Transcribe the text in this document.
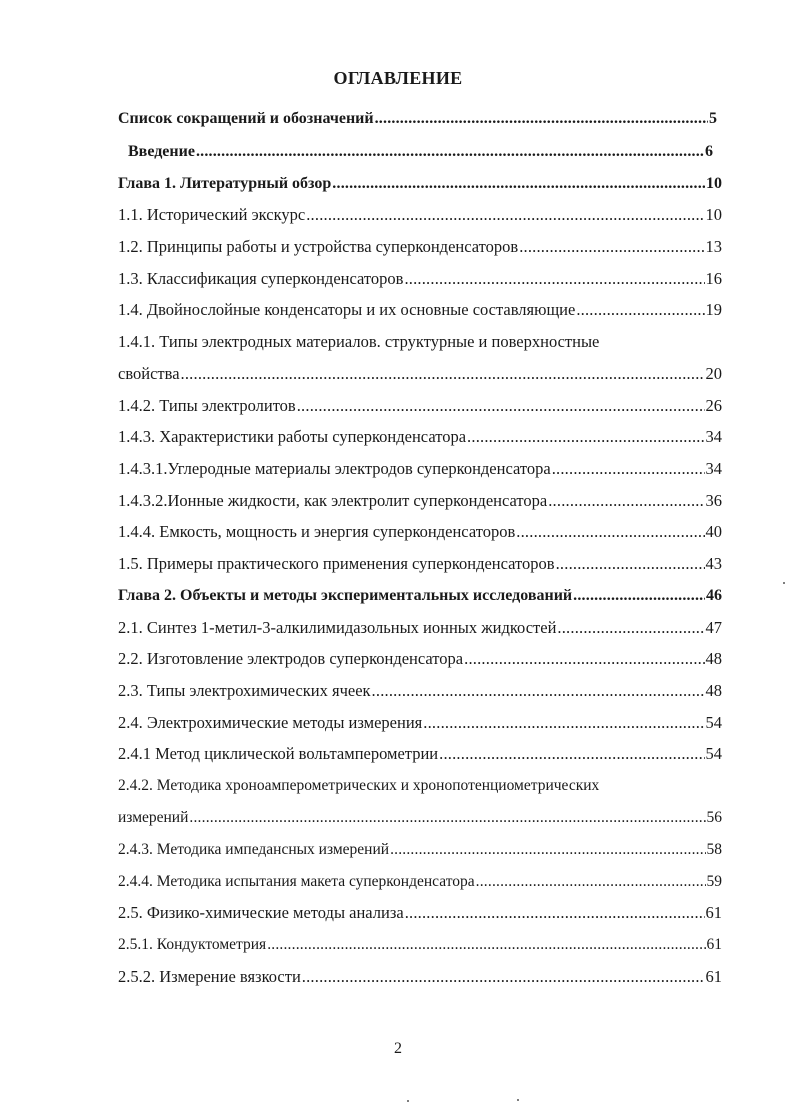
ОГЛАВЛЕНИЕ
Список сокращений и обозначений .....	5
Введение .....	6
Глава 1. Литературный обзор .....	10
1.1. Исторический экскурс .....	10
1.2. Принципы работы и устройства суперконденсаторов .....	13
1.3. Классификация суперконденсаторов .....	16
1.4. Двойнослойные конденсаторы и их основные составляющие .....	19
1.4.1. Типы электродных материалов. структурные и поверхностные
свойства .....	20
1.4.2. Типы электролитов .....	26
1.4.3. Характеристики работы суперконденсатора .....	34
1.4.3.1.Углеродные материалы электродов суперконденсатора .....	34
1.4.3.2.Ионные жидкости, как электролит суперконденсатора .....	36
1.4.4. Емкость, мощность и энергия суперконденсаторов .....	40
1.5. Примеры практического применения суперконденсаторов .....	43
Глава 2. Объекты и методы экспериментальных исследований .....	46
2.1. Синтез 1-метил-3-алкилимидазольных ионных жидкостей .....	47
2.2. Изготовление электродов суперконденсатора .....	48
2.3. Типы электрохимических ячеек .....	48
2.4. Электрохимические методы измерения .....	54
2.4.1 Метод циклической вольтамперометрии .....	54
2.4.2. Методика хроноамперометрических и хронопотенциометрических
измерений .....	56
2.4.3. Методика импедансных измерений .....	58
2.4.4. Методика испытания макета суперконденсатора .....	59
2.5. Физико-химические методы анализа .....	61
2.5.1. Кондуктометрия .....	61
2.5.2. Измерение вязкости .....	61
2
